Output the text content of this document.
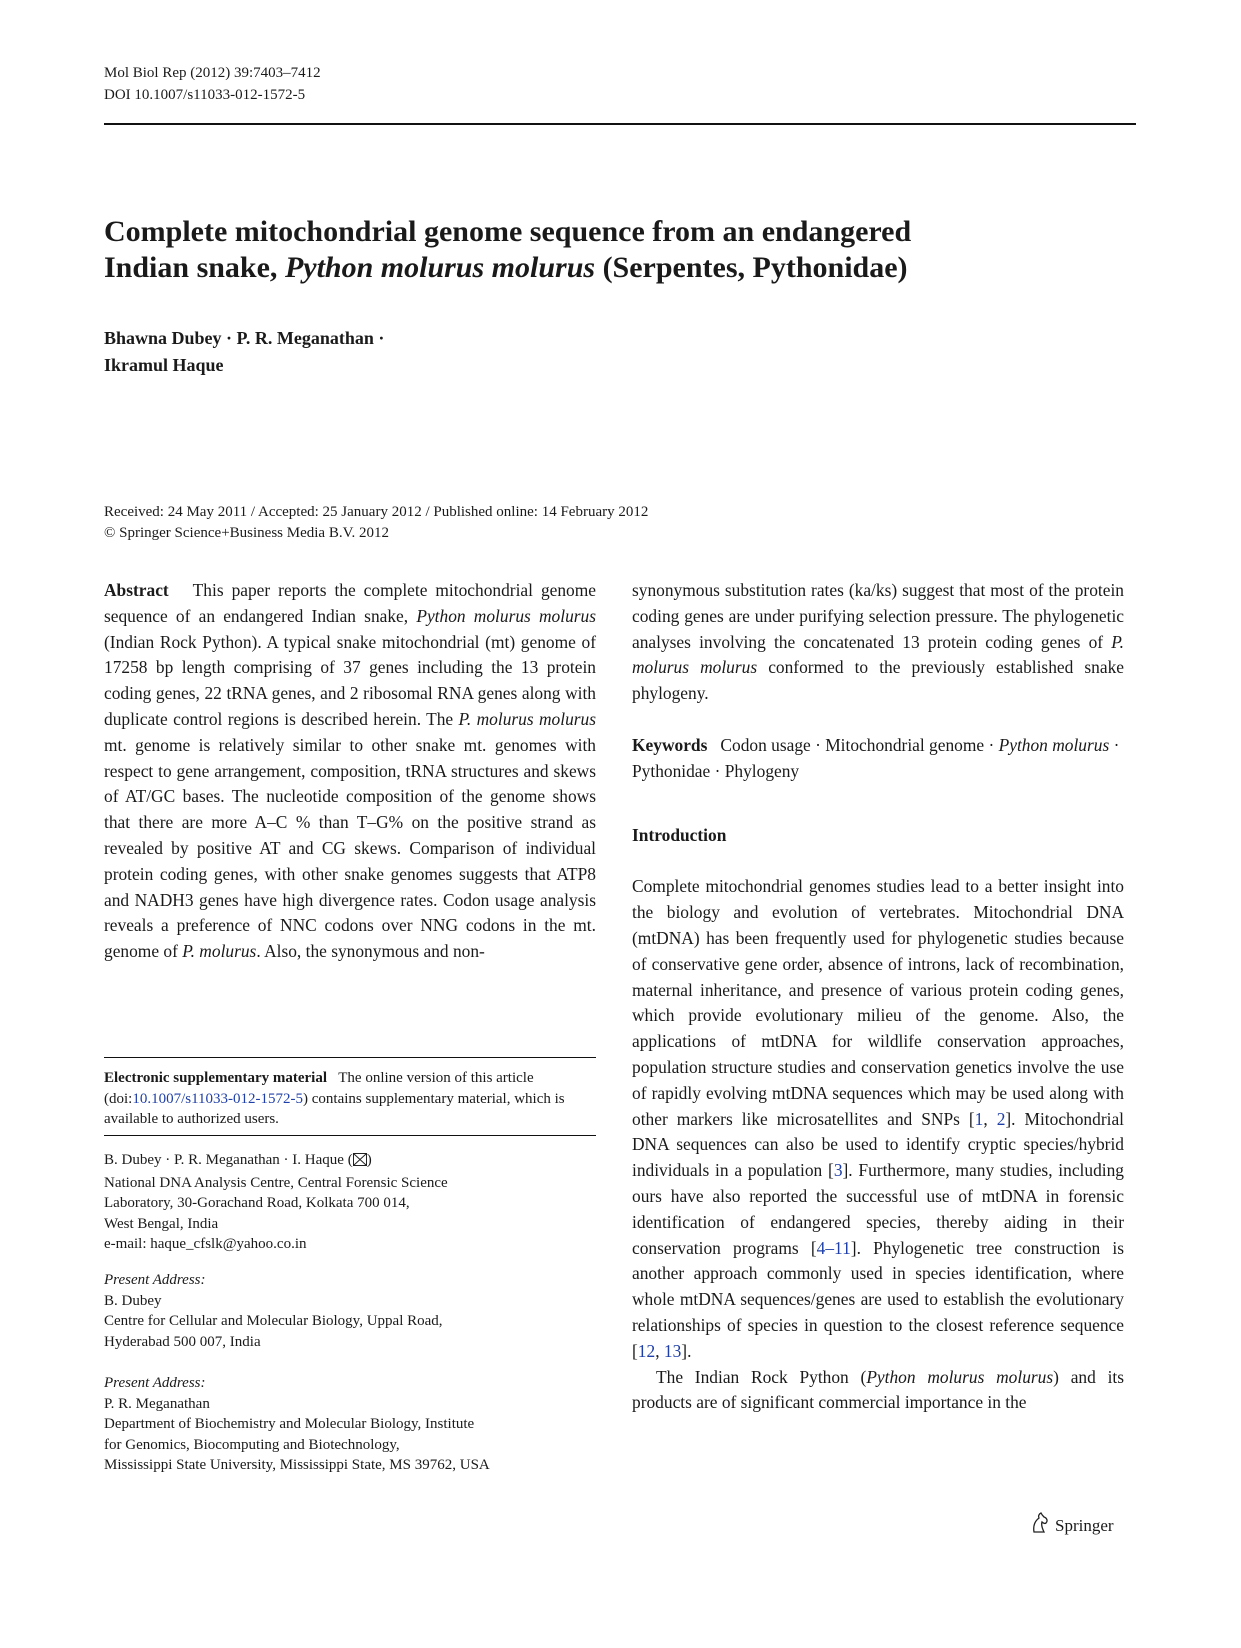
Mol Biol Rep (2012) 39:7403–7412
DOI 10.1007/s11033-012-1572-5
Complete mitochondrial genome sequence from an endangered
Indian snake, Python molurus molurus (Serpentes, Pythonidae)
Bhawna Dubey · P. R. Meganathan ·
Ikramul Haque
Received: 24 May 2011 / Accepted: 25 January 2012 / Published online: 14 February 2012
© Springer Science+Business Media B.V. 2012

Abstract This paper reports the complete mitochondrial genome sequence of an endangered Indian snake, Python molurus molurus (Indian Rock Python). A typical snake mitochondrial (mt) genome of 17258 bp length comprising of 37 genes including the 13 protein coding genes, 22 tRNA genes, and 2 ribosomal RNA genes along with duplicate control regions is described herein. The P. molurus molurus mt. genome is relatively similar to other snake mt. genomes with respect to gene arrangement, composition, tRNA structures and skews of AT/GC bases. The nucleotide composition of the genome shows that there are more A–C % than T–G% on the positive strand as revealed by positive AT and CG skews. Comparison of individual protein coding genes, with other snake genomes suggests that ATP8 and NADH3 genes have high divergence rates. Codon usage analysis reveals a preference of NNC codons over NNG codons in the mt. genome of P. molurus. Also, the synonymous and non-

Electronic supplementary material The online version of this article (doi:10.1007/s11033-012-1572-5) contains supplementary material, which is available to authorized users.
B. Dubey · P. R. Meganathan · I. Haque ( )
National DNA Analysis Centre, Central Forensic Science
Laboratory, 30-Gorachand Road, Kolkata 700 014,
West Bengal, India
e-mail: haque_cfslk@yahoo.co.in
Present Address:
B. Dubey
Centre for Cellular and Molecular Biology, Uppal Road,
Hyderabad 500 007, India
Present Address:
P. R. Meganathan
Department of Biochemistry and Molecular Biology, Institute
for Genomics, Biocomputing and Biotechnology,
Mississippi State University, Mississippi State, MS 39762, USA

synonymous substitution rates (ka/ks) suggest that most of the protein coding genes are under purifying selection pressure. The phylogenetic analyses involving the concatenated 13 protein coding genes of P. molurus molurus conformed to the previously established snake phylogeny.

Keywords Codon usage · Mitochondrial genome · Python molurus · Pythonidae · Phylogeny

Introduction

Complete mitochondrial genomes studies lead to a better insight into the biology and evolution of vertebrates. Mitochondrial DNA (mtDNA) has been frequently used for phylogenetic studies because of conservative gene order, absence of introns, lack of recombination, maternal inheritance, and presence of various protein coding genes, which provide evolutionary milieu of the genome. Also, the applications of mtDNA for wildlife conservation approaches, population structure studies and conservation genetics involve the use of rapidly evolving mtDNA sequences which may be used along with other markers like microsatellites and SNPs [1, 2]. Mitochondrial DNA sequences can also be used to identify cryptic species/hybrid individuals in a population [3]. Furthermore, many studies, including ours have also reported the successful use of mtDNA in forensic identification of endangered species, thereby aiding in their conservation programs [4–11]. Phylogenetic tree construction is another approach commonly used in species identification, where whole mtDNA sequences/genes are used to establish the evolutionary relationships of species in question to the closest reference sequence [12, 13].

The Indian Rock Python (Python molurus molurus) and its products are of significant commercial importance in the

Springer
